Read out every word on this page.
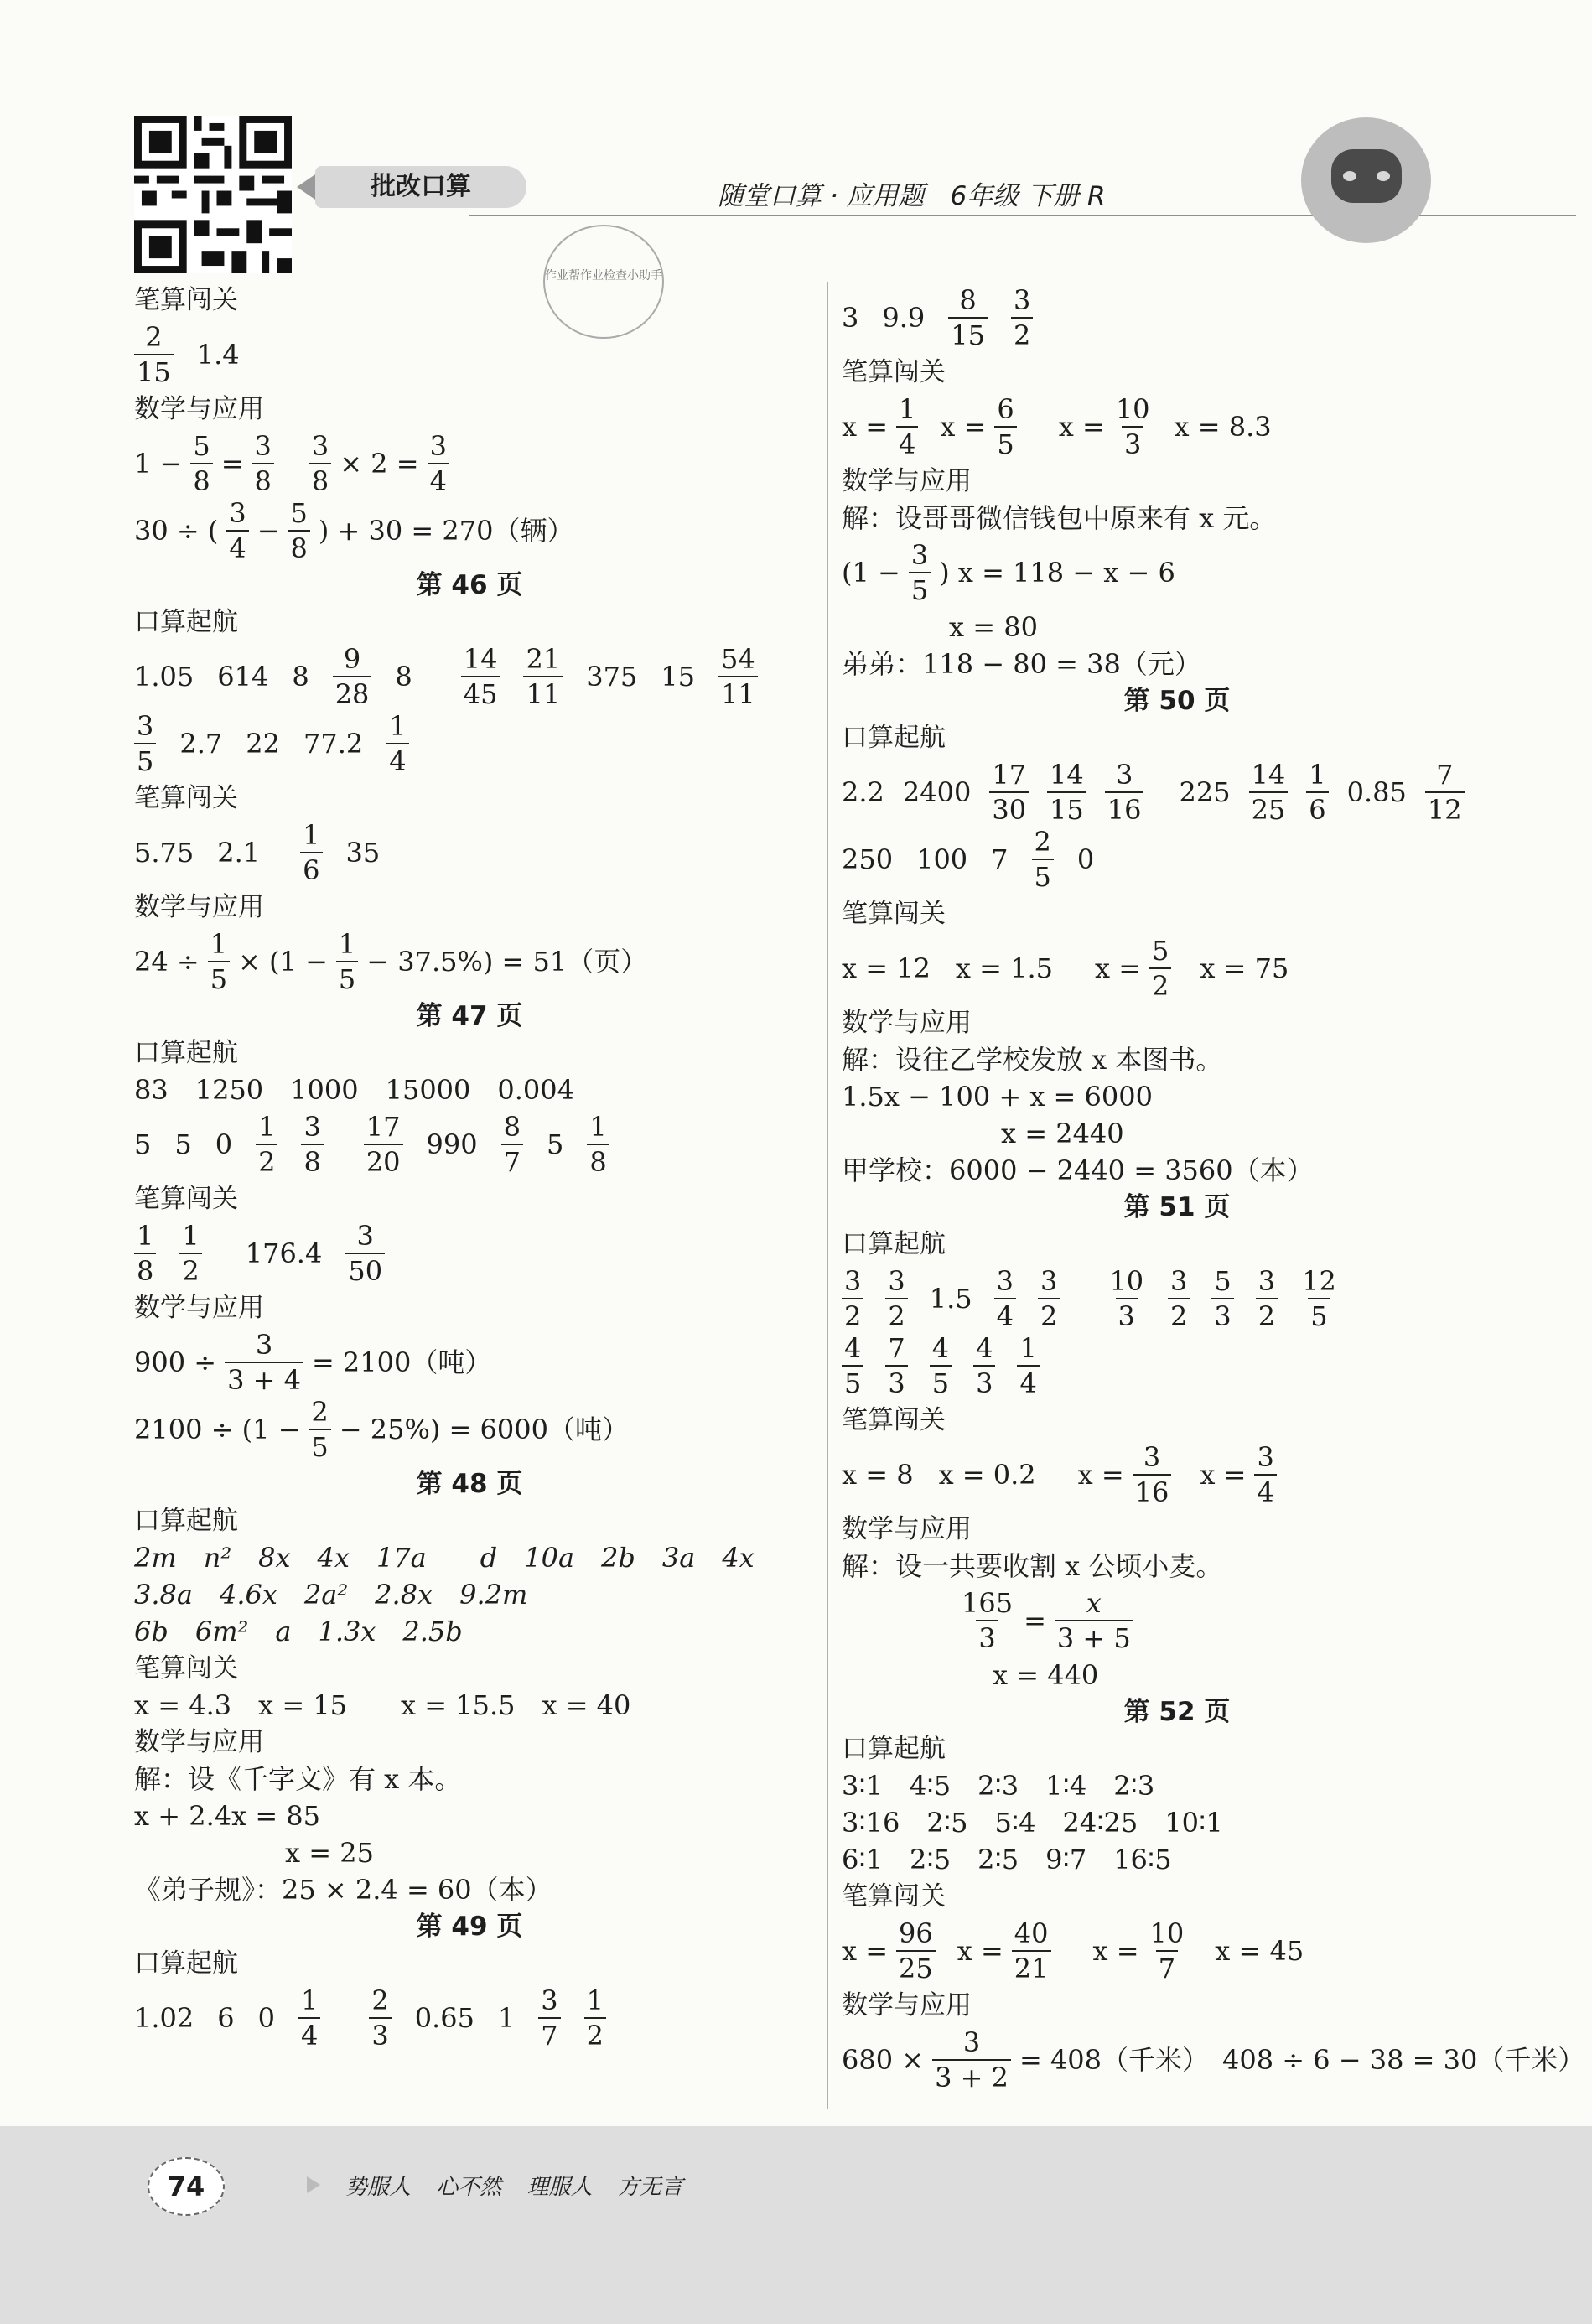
批改口算	随堂口算 · 应用题　6年级 下册 R
作业帮作业检查小助手
笔算闯关
2
15
1.4
数学与应用
$1 - \frac{5}{8} = \frac{3}{8} \frac{3}{8} \times 2 = \frac{3}{4}$
30 ÷ (
3
4
− $\frac{5}{8}$ ) + 30 = 270（辆）
第 46 页
口算起航
1.05 614 8
9
28
8
14
45
21
11
375 15
54
11
3
5
2.7 22 77.2
1
4
笔算闯关
5.75 2.1
1
6
35
数学与应用
$24 \div \frac{1}{5} \times (1 - \frac{1}{5} - 37.5\%) = 51$（页）
第 47 页
口算起航
83　1250　1000　15000　0.004
5 5 0
1
2
3
8
17
20
990
8
7
5
1
8
笔算闯关
1
8
1
2
176.4
3
50
数学与应用
$900 \div \frac{3}{3 + 4} = 2100$（吨）
$2100 \div (1 - \frac{2}{5} - 25\%) = 6000$（吨）
第 48 页
口算起航
2m　n²　8x　4x　17a　　d　10a　2b　3a　4x
3.8a　4.6x　2a²　2.8x　9.2m
6b　6m²　a　1.3x　2.5b
笔算闯关
x = 4.3　x = 15　　x = 15.5　x = 40
数学与应用
解：设《千字文》有 x 本。
x + 2.4x = 85
x = 25
《弟子规》：25 × 2.4 = 60（本）
第 49 页
口算起航
1.02 6 0
1
4
2
3
0.65 1
3
7
1
2
3 9.9
8
15
3
2
笔算闯关
$x = \frac{1}{4}$ $x = \frac{6}{5}$ $x = \frac{10}{3}$ x = 8.3
数学与应用
解：设哥哥微信钱包中原来有 x 元。
($1 - \frac{3}{5}$ ) x = 118 − x − 6
x = 80
弟弟：118 − 80 = 38（元）
第 50 页
口算起航
2.2 2400
17
30
14
15
3
16
225
14
25
1
6
0.85
7
12
250 100 7
2
5
0
笔算闯关
x = 12 x = 1.5 $x = \frac{5}{2}$ x = 75
数学与应用
解：设往乙学校发放 x 本图书。
1.5x − 100 + x = 6000
x = 2440
甲学校：6000 − 2440 = 3560（本）
第 51 页
口算起航
3
2
3
2
1.5
3
4
3
2
10
3
3
2
5
3
3
2
12
5
4
5
7
3
4
5
4
3
1
4
笔算闯关
x = 8 x = 0.2 $x = \frac{3}{16}$ $x = \frac{3}{4}$
数学与应用
解：设一共要收割 x 公顷小麦。
$\frac{165}{3} = \frac{x}{3 + 5}$
x = 440
第 52 页
口算起航
3∶1　4∶5　2∶3　1∶4　2∶3
3∶16　2∶5　5∶4　24∶25　10∶1
6∶1　2∶5　2∶5　9∶7　16∶5
笔算闯关
$x = \frac{96}{25}$ $x = \frac{40}{21}$ $x = \frac{10}{7}$ x = 45
数学与应用
$680 \times \frac{3}{3 + 2} = 408$（千米）　408 ÷ 6 − 38 = 30（千米）
74	势服人 心不然 理服人 方无言
